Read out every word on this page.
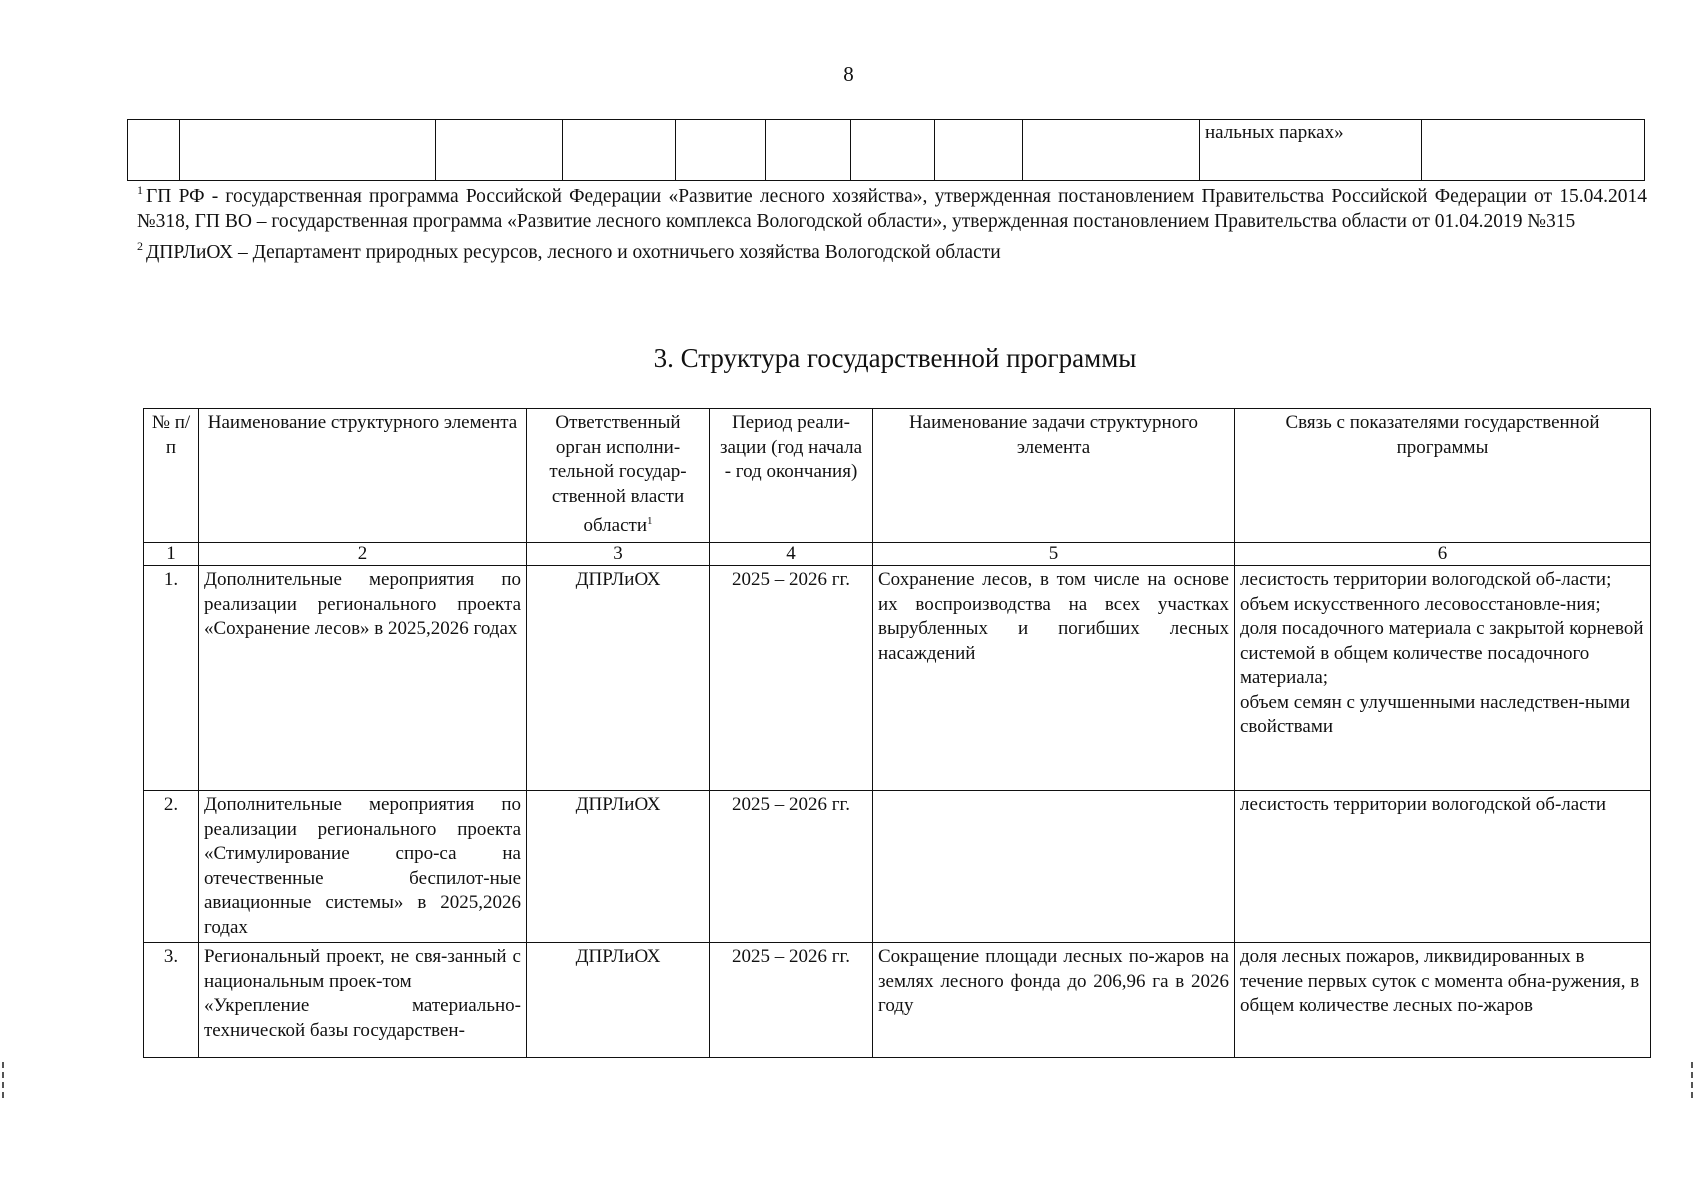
8
									нальных парках»	

$^1$ ГП РФ - государственная программа Российской Федерации «Развитие лесного хозяйства», утвержденная постановлением Правительства Российской Федерации от 15.04.2014 №318, ГП ВО – государственная программа «Развитие лесного комплекса Вологодской области», утвержденная постановлением Правительства области от 01.04.2019 №315

$^2$ ДПРЛиОХ – Департамент природных ресурсов, лесного и охотничьего хозяйства Вологодской области

3. Структура государственной программы
№ п/п	Наименование структурного элемента	Ответственный орган исполни-тельной государ-ственной власти области$^1$	Период реали-зации (год начала - год окончания)	Наименование задачи структурного элемента	Связь с показателями государственной программы
1	2	3	4	5	6
1.	Дополнительные мероприятия по реализации регионального проекта «Сохранение лесов» в 2025,2026 годах	ДПРЛиОХ	2025 – 2026 гг.	Сохранение лесов, в том числе на основе их воспроизводства на всех участках вырубленных и погибших лесных насаждений	лесистость территории вологодской об-ласти;
объем искусственного лесовосстановле-ния;
доля посадочного материала с закрытой корневой системой в общем количестве посадочного материала;
объем семян с улучшенными наследствен-ными свойствами
2.	Дополнительные мероприятия по реализации регионального проекта «Стимулирование спро-са на отечественные беспилот-ные авиационные системы» в 2025,2026 годах	ДПРЛиОХ	2025 – 2026 гг.		лесистость территории вологодской об-ласти
3.	Региональный проект, не свя-занный с национальным проек-том
«Укрепление материально-технической базы государствен-	ДПРЛиОХ	2025 – 2026 гг.	Сокращение площади лесных по-жаров на землях лесного фонда до 206,96 га в 2026 году	доля лесных пожаров, ликвидированных в течение первых суток с момента обна-ружения, в общем количестве лесных по-жаров
